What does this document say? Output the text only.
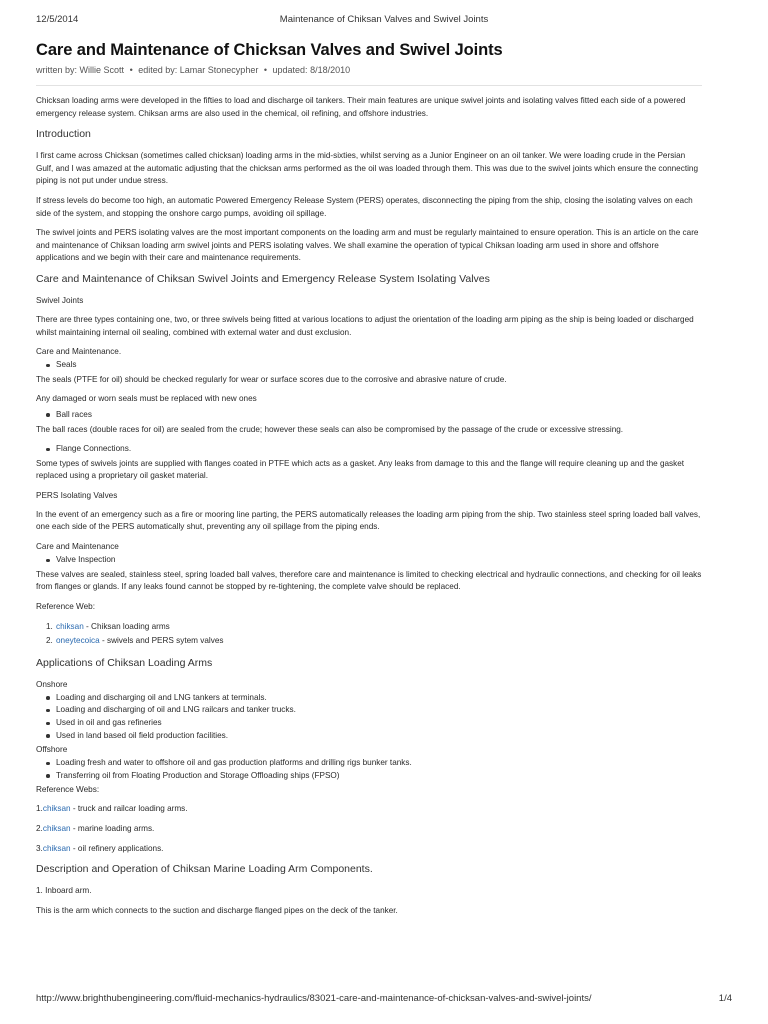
12/5/2014	Maintenance of Chiksan Valves and Swivel Joints
Care and Maintenance of Chicksan Valves and Swivel Joints
written by: Willie Scott • edited by: Lamar Stonecypher • updated: 8/18/2010

Chicksan loading arms were developed in the fifties to load and discharge oil tankers. Their main features are unique swivel joints and isolating valves fitted each side of a powered emergency release system. Chiksan arms are also used in the chemical, oil refining, and offshore industries.

Introduction

I first came across Chicksan (sometimes called chicksan) loading arms in the mid-sixties, whilst serving as a Junior Engineer on an oil tanker. We were loading crude in the Persian Gulf, and I was amazed at the automatic adjusting that the chicksan arms performed as the oil was loaded through them. This was due to the swivel joints which ensure the connecting piping is not put under undue stress.

If stress levels do become too high, an automatic Powered Emergency Release System (PERS) operates, disconnecting the piping from the ship, closing the isolating valves on each side of the system, and stopping the onshore cargo pumps, avoiding oil spillage.

The swivel joints and PERS isolating valves are the most important components on the loading arm and must be regularly maintained to ensure operation. This is an article on the care and maintenance of Chiksan loading arm swivel joints and PERS isolating valves. We shall examine the operation of typical Chiksan loading arm used in shore and offshore applications and we begin with their care and maintenance requirements.

Care and Maintenance of Chiksan Swivel Joints and Emergency Release System Isolating Valves
Swivel Joints

There are three types containing one, two, or three swivels being fitted at various locations to adjust the orientation of the loading arm piping as the ship is being loaded or discharged whilst maintaining internal oil sealing, combined with external water and dust exclusion.

Care and Maintenance.
Seals

The seals (PTFE for oil) should be checked regularly for wear or surface scores due to the corrosive and abrasive nature of crude.

Any damaged or worn seals must be replaced with new ones

Ball races

The ball races (double races for oil) are sealed from the crude; however these seals can also be compromised by the passage of the crude or excessive stressing.

Flange Connections.

Some types of swivels joints are supplied with flanges coated in PTFE which acts as a gasket. Any leaks from damage to this and the flange will require cleaning up and the gasket replaced using a proprietary oil gasket material.

PERS Isolating Valves

In the event of an emergency such as a fire or mooring line parting, the PERS automatically releases the loading arm piping from the ship. Two stainless steel spring loaded ball valves, one each side of the PERS automatically shut, preventing any oil spillage from the piping ends.

Care and Maintenance
Valve Inspection

These valves are sealed, stainless steel, spring loaded ball valves, therefore care and maintenance is limited to checking electrical and hydraulic connections, and checking for oil leaks from flanges or glands. If any leaks found cannot be stopped by re-tightening, the complete valve should be replaced.

Reference Web:
1. chiksan - Chiksan loading arms
2. oneytecoica - swivels and PERS sytem valves
Applications of Chiksan Loading Arms
Onshore
Loading and discharging oil and LNG tankers at terminals.
Loading and discharging of oil and LNG railcars and tanker trucks.
Used in oil and gas refineries
Used in land based oil field production facilities.
Offshore
Loading fresh and water to offshore oil and gas production platforms and drilling rigs bunker tanks.
Transferring oil from Floating Production and Storage Offloading ships (FPSO)
Reference Webs:
1.chiksan - truck and railcar loading arms.
2.chiksan - marine loading arms.
3.chiksan - oil refinery applications.
Description and Operation of Chiksan Marine Loading Arm Components.

1. Inboard arm.

This is the arm which connects to the suction and discharge flanged pipes on the deck of the tanker.

http://www.brighthubengineering.com/fluid-mechanics-hydraulics/83021-care-and-maintenance-of-chicksan-valves-and-swivel-joints/	1/4
